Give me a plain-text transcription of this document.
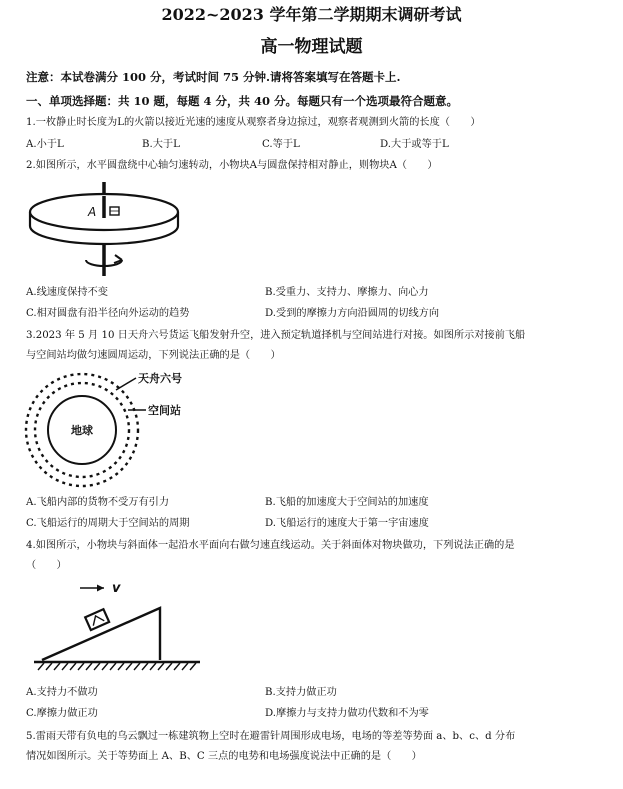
2022~2023 学年第二学期期末调研考试
高一物理试题
注意：本试卷满分 100 分，考试时间 75 分钟.请将答案填写在答题卡上.
一、单项选择题：共 10 题，每题 4 分，共 40 分。每题只有一个选项最符合题意。
1.一枚静止时长度为L的火箭以接近光速的速度从观察者身边掠过，观察者观测到火箭的长度（　　）
A.小于L	B.大于L	C.等于L	D.大于或等于L
2.如图所示，水平圆盘绕中心轴匀速转动，小物块A与圆盘保持相对静止，则物块A（　　）
A
A.线速度保持不变	B.受重力、支持力、摩擦力、向心力
C.相对圆盘有沿半径向外运动的趋势	D.受到的摩擦力方向沿圆周的切线方向
3.2023 年 5 月 10 日天舟六号货运飞船发射升空，进入预定轨道择机与空间站进行对接。如图所示对接前飞船
与空间站均做匀速圆周运动，下列说法正确的是（　　）
地球
天舟六号
空间站
A.飞船内部的货物不受万有引力	B.飞船的加速度大于空间站的加速度
C.飞船运行的周期大于空间站的周期	D.飞船运行的速度大于第一宇宙速度
4.如图所示，小物块与斜面体一起沿水平面向右做匀速直线运动。关于斜面体对物块做功，下列说法正确的是
（　　）
v
A.支持力不做功	B.支持力做正功
C.摩擦力做正功	D.摩擦力与支持力做功代数和不为零
5.雷雨天带有负电的乌云飘过一栋建筑物上空时在避雷针周围形成电场，电场的等差等势面 a、b、c、d 分布
情况如图所示。关于等势面上 A、B、C 三点的电势和电场强度说法中正确的是（　　）
